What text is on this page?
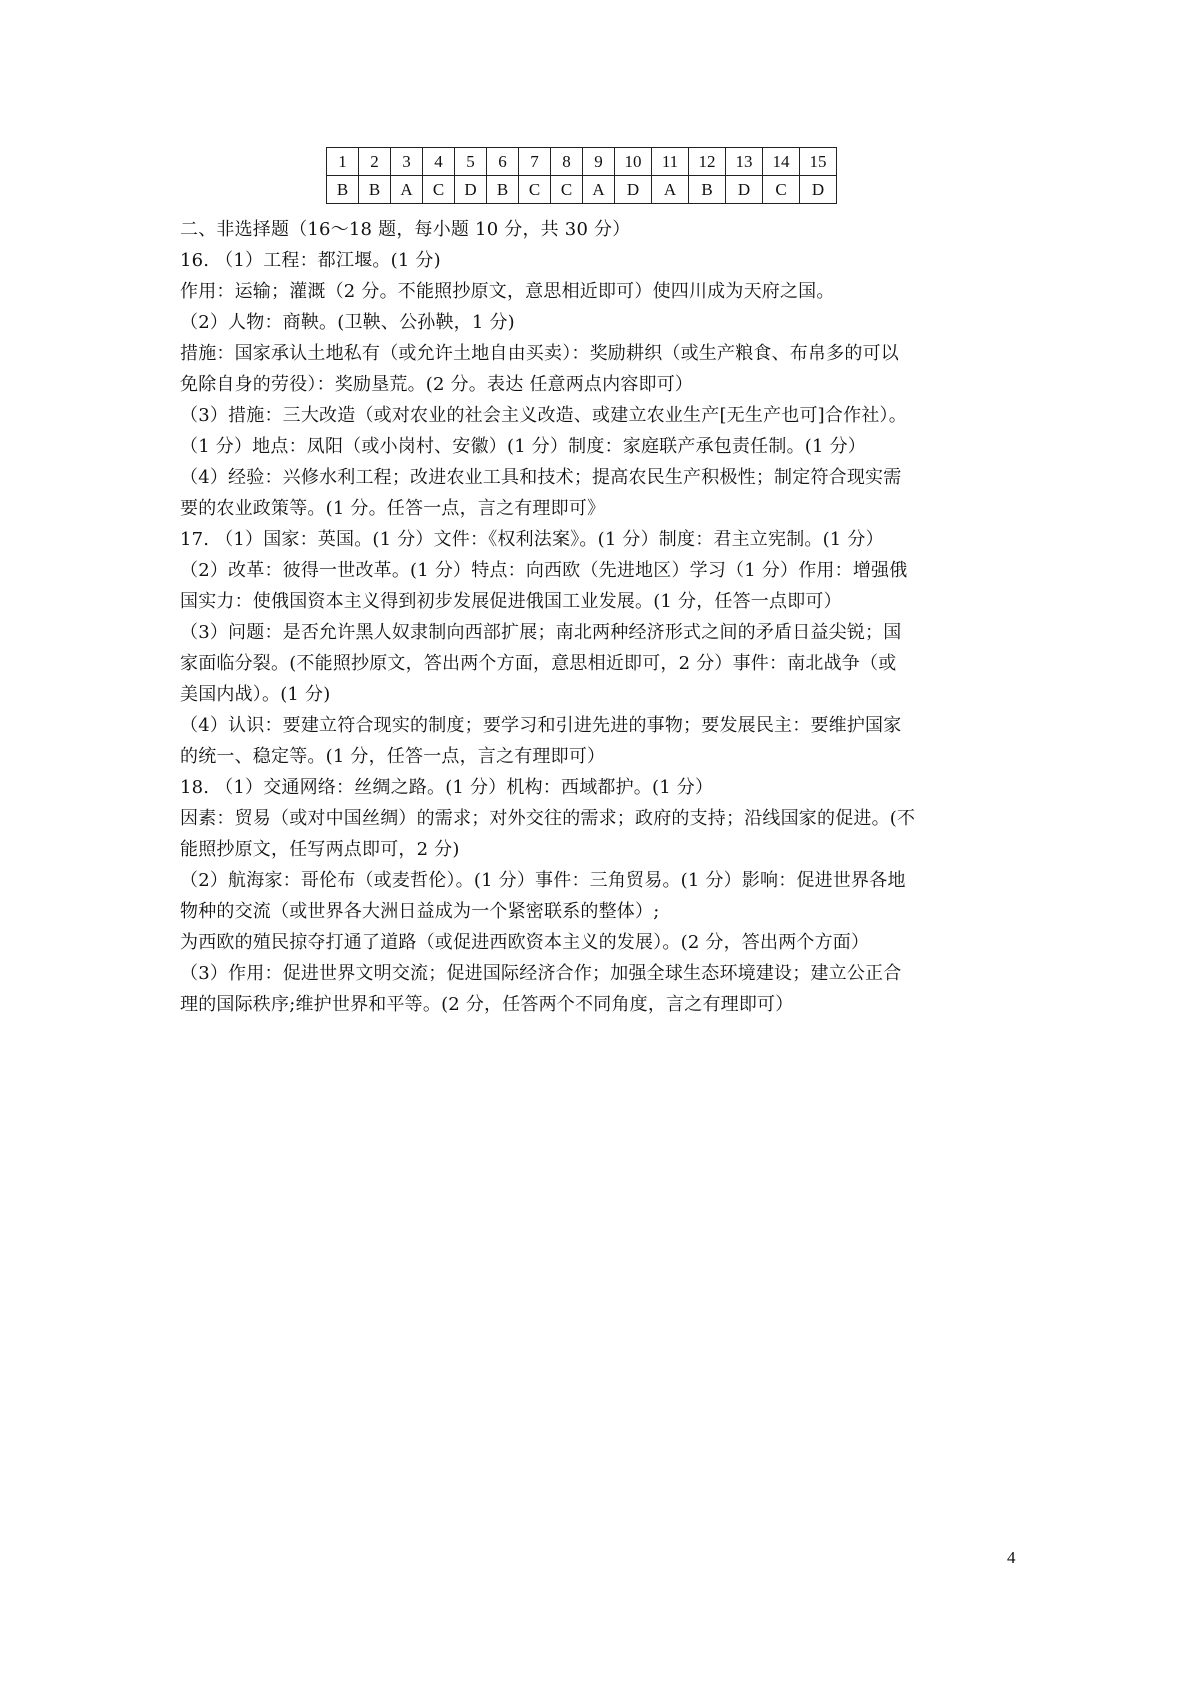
1	2	3	4	5	6	7	8	9	10	11	12	13	14	15
B	B	A	C	D	B	C	C	A	D	A	B	D	C	D
二、非选择题（16～18 题，每小题 10 分，共 30 分）
16. （1）工程：都江堰。(1 分)
作用：运输；灌溉（2 分。不能照抄原文，意思相近即可）使四川成为天府之国。
（2）人物：商鞅。(卫鞅、公孙鞅，1 分)
措施：国家承认土地私有（或允许土地自由买卖）：奖励耕织（或生产粮食、布帛多的可以
免除自身的劳役）：奖励垦荒。(2 分。表达 任意两点内容即可）
（3）措施：三大改造（或对农业的社会主义改造、或建立农业生产[无生产也可]合作社）。
（1 分）地点：凤阳（或小岗村、安徽）(1 分）制度：家庭联产承包责任制。(1 分）
（4）经验：兴修水利工程；改进农业工具和技术；提高农民生产积极性；制定符合现实需
要的农业政策等。(1 分。任答一点，言之有理即可》
17. （1）国家：英国。(1 分）文件：《权利法案》。(1 分）制度：君主立宪制。(1 分）
（2）改革：彼得一世改革。(1 分）特点：向西欧（先进地区）学习（1 分）作用：增强俄
国实力：使俄国资本主义得到初步发展促进俄国工业发展。(1 分，任答一点即可）
（3）问题：是否允许黑人奴隶制向西部扩展；南北两种经济形式之间的矛盾日益尖锐；国
家面临分裂。(不能照抄原文，答出两个方面，意思相近即可，2 分）事件：南北战争（或
美国内战）。(1 分)
（4）认识：要建立符合现实的制度；要学习和引进先进的事物；要发展民主：要维护国家
的统一、稳定等。(1 分，任答一点，言之有理即可）
18. （1）交通网络：丝绸之路。(1 分）机构：西域都护。(1 分）
因素：贸易（或对中国丝绸）的需求；对外交往的需求；政府的支持；沿线国家的促进。(不
能照抄原文，任写两点即可，2 分)
（2）航海家：哥伦布（或麦哲伦）。(1 分）事件：三角贸易。(1 分）影响：促进世界各地
物种的交流（或世界各大洲日益成为一个紧密联系的整体）;
为西欧的殖民掠夺打通了道路（或促进西欧资本主义的发展）。(2 分，答出两个方面）
（3）作用：促进世界文明交流；促进国际经济合作；加强全球生态环境建设；建立公正合
理的国际秩序;维护世界和平等。(2 分，任答两个不同角度，言之有理即可）
4
